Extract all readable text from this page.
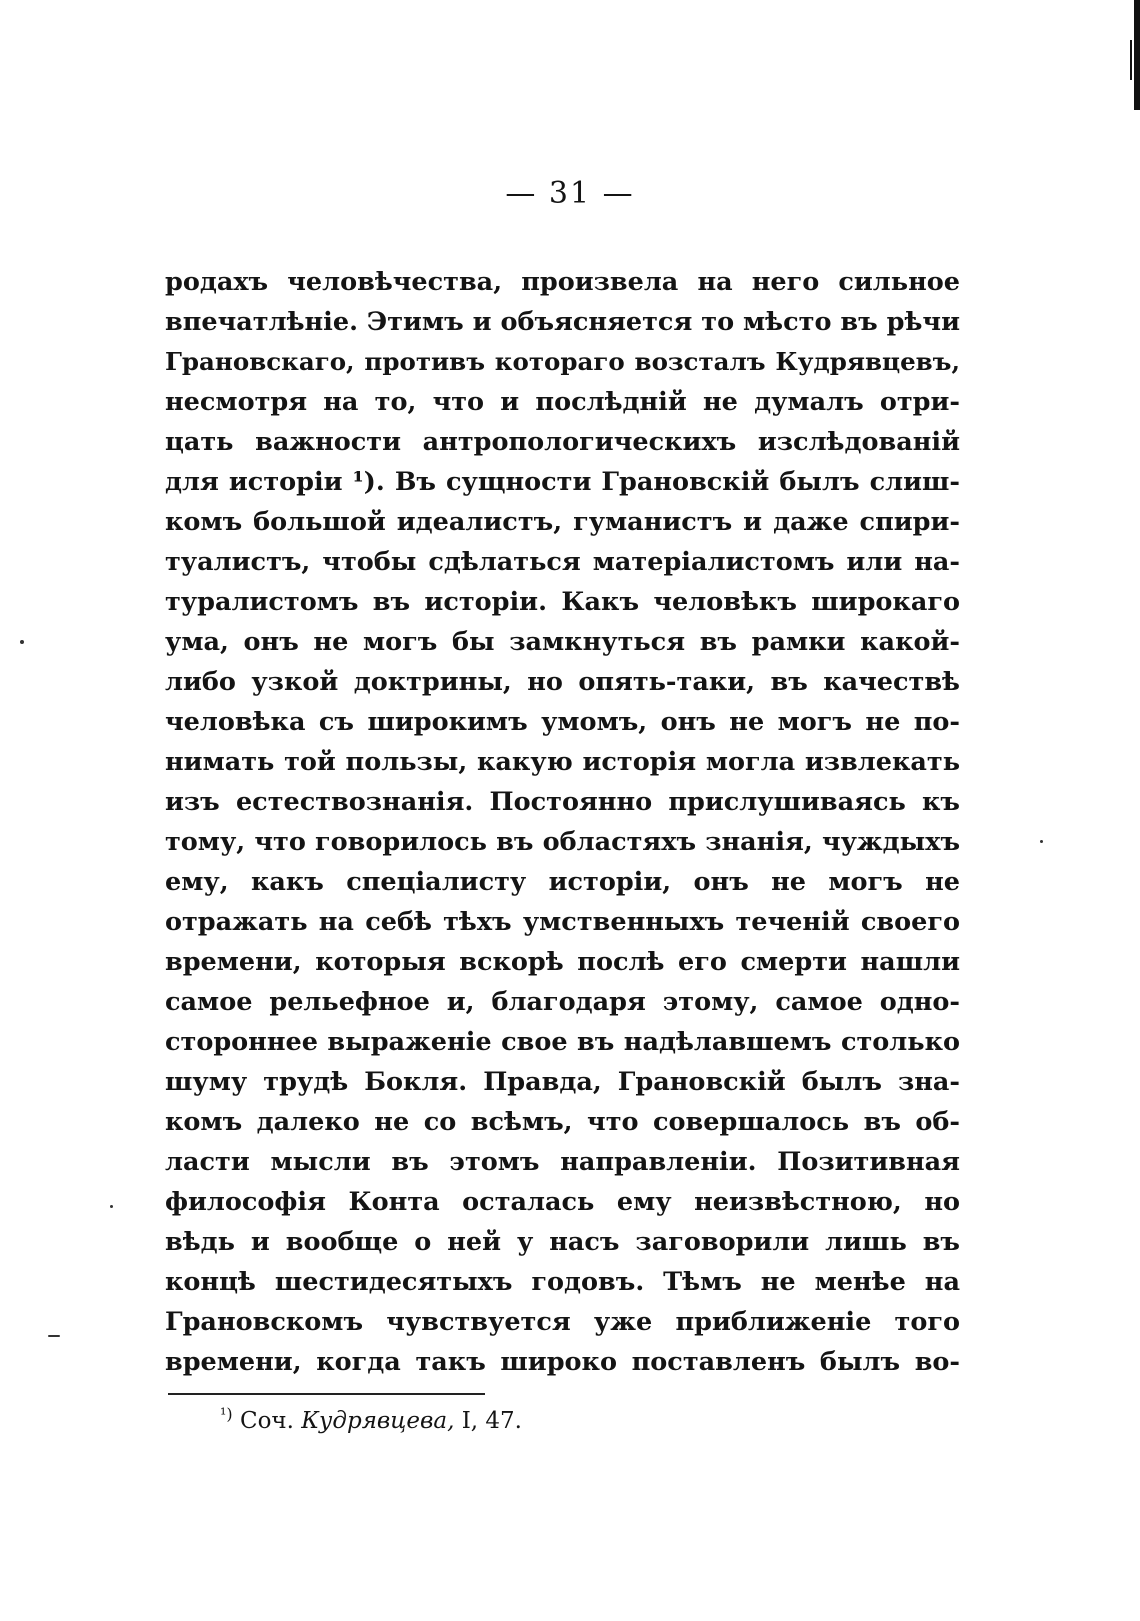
— 31 —
родахъ человѣчества, произвела на него сильное
впечатлѣніе. Этимъ и объясняется то мѣсто въ рѣчи
Грановскаго, противъ котораго возсталъ Кудрявцевъ,
несмотря на то, что и послѣдній не думалъ отри-
цать важности антропологическихъ изслѣдованій
для исторіи ¹). Въ сущности Грановскій былъ слиш-
комъ большой идеалистъ, гуманистъ и даже спири-
туалистъ, чтобы сдѣлаться матеріалистомъ или на-
туралистомъ въ исторіи. Какъ человѣкъ широкаго
ума, онъ не могъ бы замкнуться въ рамки какой-
либо узкой доктрины, но опять-таки, въ качествѣ
человѣка съ широкимъ умомъ, онъ не могъ не по-
нимать той пользы, какую исторія могла извлекать
изъ естествознанія. Постоянно прислушиваясь къ
тому, что говорилось въ областяхъ знанія, чуждыхъ
ему, какъ спеціалисту исторіи, онъ не могъ не
отражать на себѣ тѣхъ умственныхъ теченій своего
времени, которыя вскорѣ послѣ его смерти нашли
самое рельефное и, благодаря этому, самое одно-
стороннее выраженіе свое въ надѣлавшемъ столько
шуму трудѣ Бокля. Правда, Грановскій былъ зна-
комъ далеко не со всѣмъ, что совершалось въ об-
ласти мысли въ этомъ направленіи. Позитивная
философія Конта осталась ему неизвѣстною, но
вѣдь и вообще о ней у насъ заговорили лишь въ
концѣ шестидесятыхъ годовъ. Тѣмъ не менѣе на
Грановскомъ чувствуется уже приближеніе того
времени, когда такъ широко поставленъ былъ во-
$^{^1)}$ Соч. Кудрявцева, I, 47.
